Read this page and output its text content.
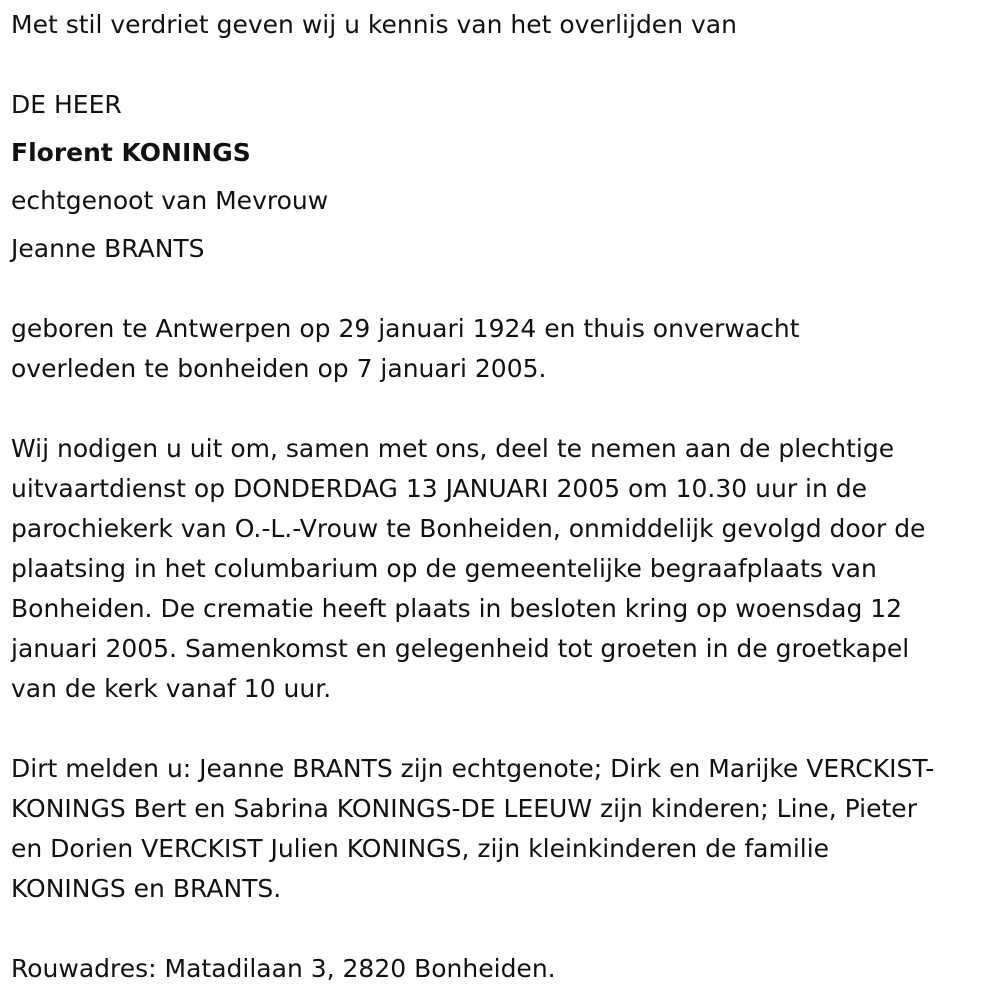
Met stil verdriet geven wij u kennis van het overlijden van

DE HEER

Florent KONINGS

echtgenoot van Mevrouw

Jeanne BRANTS

geboren te Antwerpen op 29 januari 1924 en thuis onverwacht

overleden te bonheiden op 7 januari 2005.

Wij nodigen u uit om, samen met ons, deel te nemen aan de plechtige

uitvaartdienst op DONDERDAG 13 JANUARI 2005 om 10.30 uur in de

parochiekerk van O.-L.-Vrouw te Bonheiden, onmiddelijk gevolgd door de

plaatsing in het columbarium op de gemeentelijke begraafplaats van

Bonheiden. De crematie heeft plaats in besloten kring op woensdag 12

januari 2005. Samenkomst en gelegenheid tot groeten in de groetkapel

van de kerk vanaf 10 uur.

Dirt melden u: Jeanne BRANTS zijn echtgenote; Dirk en Marijke VERCKIST-

KONINGS Bert en Sabrina KONINGS-DE LEEUW zijn kinderen; Line, Pieter

en Dorien VERCKIST Julien KONINGS, zijn kleinkinderen de familie

KONINGS en BRANTS.

Rouwadres: Matadilaan 3, 2820 Bonheiden.
